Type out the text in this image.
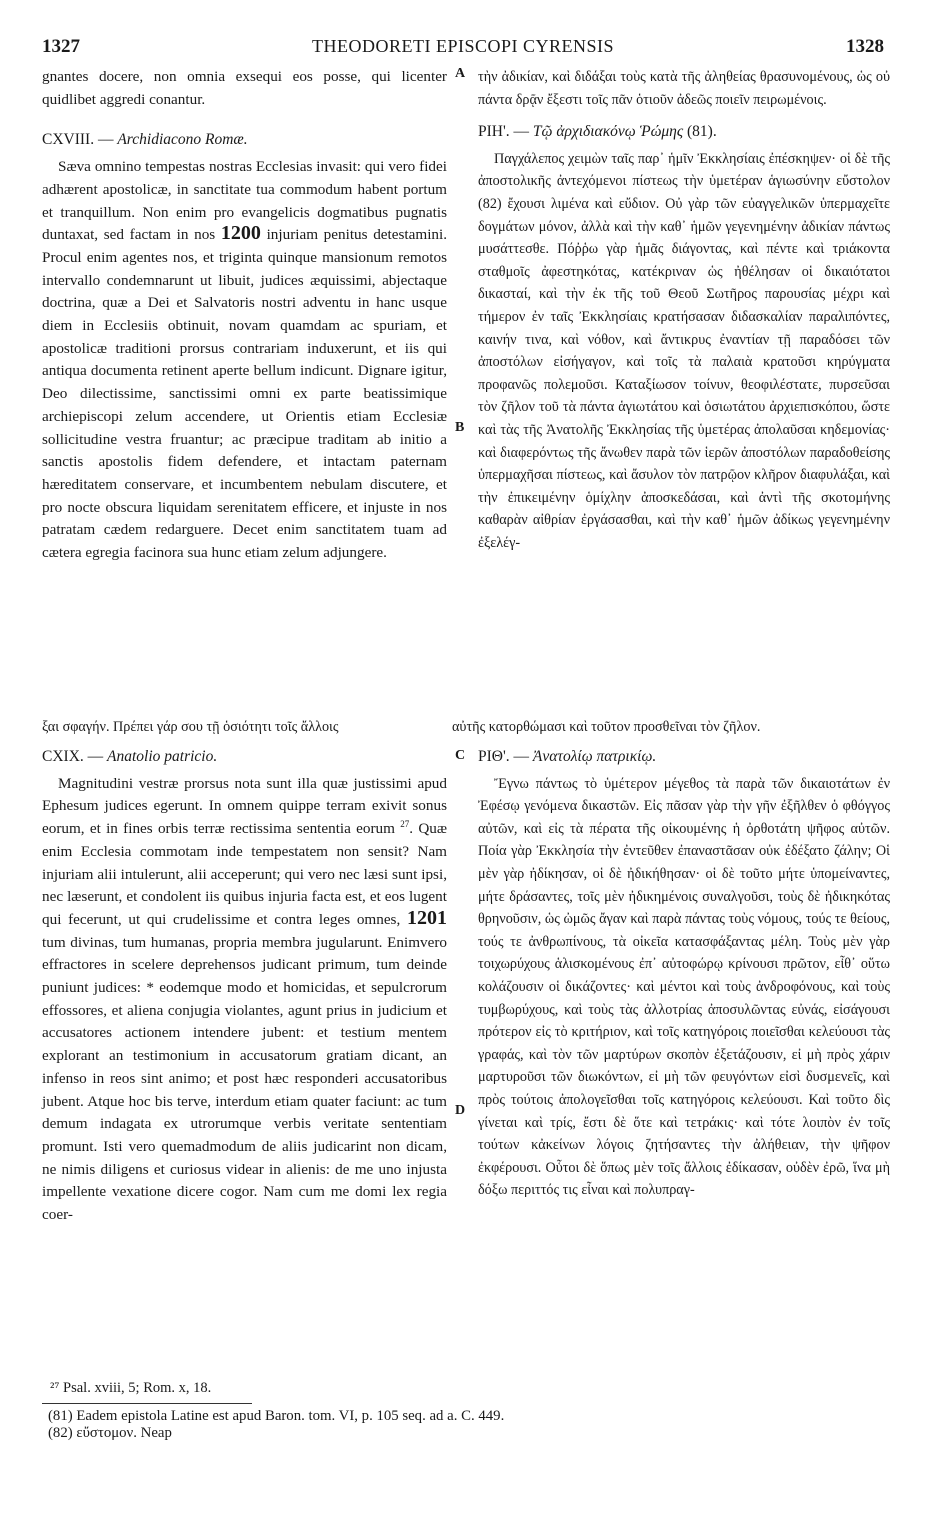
1327	THEODORETI EPISCOPI CYRENSIS	1328

gnantes docere, non omnia exsequi eos posse, qui licenter quidlibet aggredi conantur.

CXVIII. — Archidiacono Romæ.

Sæva omnino tempestas nostras Ecclesias invasit: qui vero fidei adhærent apostolicæ, in sanctitate tua commodum habent portum et tranquillum. Non enim pro evangelicis dogmatibus pugnatis duntaxat, sed factam in nos 1200 injuriam penitus detestamini. Procul enim agentes nos, et triginta quinque mansionum remotos intervallo condemnarunt ut libuit, judices æquissimi, abjectaque doctrina, quæ a Dei et Salvatoris nostri adventu in hanc usque diem in Ecclesiis obtinuit, novam quamdam ac spuriam, et apostolicæ traditioni prorsus contrariam induxerunt, et iis qui antiqua documenta retinent aperte bellum indicunt. Dignare igitur, Deo dilectissime, sanctissimi omni ex parte beatissimique archiepiscopi zelum accendere, ut Orientis etiam Ecclesiæ sollicitudine vestra fruantur; ac præcipue traditam ab initio a sanctis apostolis fidem defendere, et intactam paternam hæreditatem conservare, et incumbentem nebulam discutere, et pro nocte obscura liquidam serenitatem efficere, et injuste in nos patratam cædem redarguere. Decet enim sanctitatem tuam ad cætera egregia facinora sua hunc etiam zelum adjungere.

τὴν ἀδικίαν, καὶ διδάξαι τοὺς κατὰ τῆς ἀληθείας θρασυνομένους, ὡς οὐ πάντα δρᾷν ἔξεστι τοῖς πᾶν ὁτιοῦν ἀδεῶς ποιεῖν πειρωμένοις.

ΡΙΗ'. — Τῷ ἀρχιδιακόνῳ Ῥώμης (81).

Παγχάλεπος χειμὼν ταῖς παρ᾽ ἡμῖν Ἐκκλησίαις ἐπέσκηψεν· οἱ δὲ τῆς ἀποστολικῆς ἀντεχόμενοι πίστεως τὴν ὑμετέραν ἁγιωσύνην εὔστολον (82) ἔχουσι λιμένα καὶ εὔδιον. Οὐ γὰρ τῶν εὐαγγελικῶν ὑπερμαχεῖτε δογμάτων μόνον, ἀλλὰ καὶ τὴν καθ᾽ ἡμῶν γεγενημένην ἀδικίαν πάντως μυσάττεσθε. Πόῤῥω γὰρ ἡμᾶς διάγοντας, καὶ πέντε καὶ τριάκοντα σταθμοῖς ἀφεστηκότας, κατέκριναν ὡς ἠθέλησαν οἱ δικαιότατοι δικασταί, καὶ τὴν ἐκ τῆς τοῦ Θεοῦ Σωτῆρος παρουσίας μέχρι καὶ τήμερον ἐν ταῖς Ἐκκλησίαις κρατήσασαν διδασκαλίαν παραλιπόντες, καινήν τινα, καὶ νόθον, καὶ ἄντικρυς ἐναντίαν τῇ παραδόσει τῶν ἀποστόλων εἰσήγαγον, καὶ τοῖς τὰ παλαιὰ κρατοῦσι κηρύγματα προφανῶς πολεμοῦσι. Καταξίωσον τοίνυν, θεοφιλέστατε, πυρσεῦσαι τὸν ζῆλον τοῦ τὰ πάντα ἁγιωτάτου καὶ ὁσιωτάτου ἀρχιεπισκόπου, ὥστε καὶ τὰς τῆς Ἀνατολῆς Ἐκκλησίας τῆς ὑμετέρας ἀπολαῦσαι κηδεμονίας· καὶ διαφερόντως τῆς ἄνωθεν παρὰ τῶν ἱερῶν ἀποστόλων παραδοθείσης ὑπερμαχῆσαι πίστεως, καὶ ἄσυλον τὸν πατρῷον κλῆρον διαφυλάξαι, καὶ τὴν ἐπικειμένην ὁμίχλην ἀποσκεδάσαι, καὶ ἀντὶ τῆς σκοτομήνης καθαρὰν αἰθρίαν ἐργάσασθαι, καὶ τὴν καθ᾽ ἡμῶν ἀδίκως γεγενημένην ἐξελέγ-

ξαι σφαγήν. Πρέπει γάρ σου τῇ ὁσιότητι τοῖς ἄλλοις	αὐτῆς κατορθώμασι καὶ τοῦτον προσθεῖναι τὸν ζῆλον.

CXIX. — Anatolio patricio.

Magnitudini vestræ prorsus nota sunt illa quæ justissimi apud Ephesum judices egerunt. In omnem quippe terram exivit sonus eorum, et in fines orbis terræ rectissima sententia eorum $^{27}$. Quæ enim Ecclesia commotam inde tempestatem non sensit? Nam injuriam alii intulerunt, alii acceperunt; qui vero nec læsi sunt ipsi, nec læserunt, et condolent iis quibus injuria facta est, et eos lugent qui fecerunt, ut qui crudelissime et contra leges omnes, 1201 tum divinas, tum humanas, propria membra jugularunt. Enimvero effractores in scelere deprehensos judicant primum, tum deinde puniunt judices: * eodemque modo et homicidas, et sepulcrorum effossores, et aliena conjugia violantes, agunt prius in judicium et accusatores actionem intendere jubent: et testium mentem explorant an testimonium in accusatorum gratiam dicant, an infenso in reos sint animo; et post hæc responderi accusatoribus jubent. Atque hoc bis terve, interdum etiam quater faciunt: ac tum demum indagata ex utrorumque verbis veritate sententiam promunt. Isti vero quemadmodum de aliis judicarint non dicam, ne nimis diligens et curiosus videar in alienis: de me uno injusta impellente vexatione dicere cogor. Nam cum me domi lex regia coer-

ΡΙΘ'. — Ἀνατολίῳ πατρικίῳ.

Ἔγνω πάντως τὸ ὑμέτερον μέγεθος τὰ παρὰ τῶν δικαιοτάτων ἐν Ἐφέσῳ γενόμενα δικαστῶν. Εἰς πᾶσαν γὰρ τὴν γῆν ἐξῆλθεν ὁ φθόγγος αὐτῶν, καὶ εἰς τὰ πέρατα τῆς οἰκουμένης ἡ ὀρθοτάτη ψῆφος αὐτῶν. Ποία γὰρ Ἐκκλησία τὴν ἐντεῦθεν ἐπαναστᾶσαν οὐκ ἐδέξατο ζάλην; Οἱ μὲν γὰρ ἠδίκησαν, οἱ δὲ ἠδικήθησαν· οἱ δὲ τοῦτο μήτε ὑπομείναντες, μήτε δράσαντες, τοῖς μὲν ἠδικημένοις συναλγοῦσι, τοὺς δὲ ἠδικηκότας θρηνοῦσιν, ὡς ὠμῶς ἄγαν καὶ παρὰ πάντας τοὺς νόμους, τούς τε θείους, τούς τε ἀνθρωπίνους, τὰ οἰκεῖα κατασφάξαντας μέλη. Τοὺς μὲν γὰρ τοιχωρύχους ἁλισκομένους ἐπ᾽ αὐτοφώρῳ κρίνουσι πρῶτον, εἶθ᾽ οὕτω κολάζουσιν οἱ δικάζοντες· καὶ μέντοι καὶ τοὺς ἀνδροφόνους, καὶ τοὺς τυμβωρύχους, καὶ τοὺς τὰς ἀλλοτρίας ἀποσυλῶντας εὐνάς, εἰσάγουσι πρότερον εἰς τὸ κριτήριον, καὶ τοῖς κατηγόροις ποιεῖσθαι κελεύουσι τὰς γραφάς, καὶ τὸν τῶν μαρτύρων σκοπὸν ἐξετάζουσιν, εἰ μὴ πρὸς χάριν μαρτυροῦσι τῶν διωκόντων, εἰ μὴ τῶν φευγόντων εἰσὶ δυσμενεῖς, καὶ πρὸς τούτοις ἀπολογεῖσθαι τοῖς κατηγόροις κελεύουσι. Καὶ τοῦτο δὶς γίνεται καὶ τρίς, ἔστι δὲ ὅτε καὶ τετράκις· καὶ τότε λοιπὸν ἐν τοῖς τούτων κἀκείνων λόγοις ζητήσαντες τὴν ἀλήθειαν, τὴν ψῆφον ἐκφέρουσι. Οὗτοι δὲ ὅπως μὲν τοῖς ἄλλοις ἐδίκασαν, οὐδὲν ἐρῶ, ἵνα μὴ δόξω περιττός τις εἶναι καὶ πολυπραγ-

A
B
C
D
²⁷ Psal. xviii, 5; Rom. x, 18.
(81) Eadem epistola Latine est apud Baron. tom. VI, p. 105 seq. ad a. C. 449.
(82) εὔστομον. Neap
